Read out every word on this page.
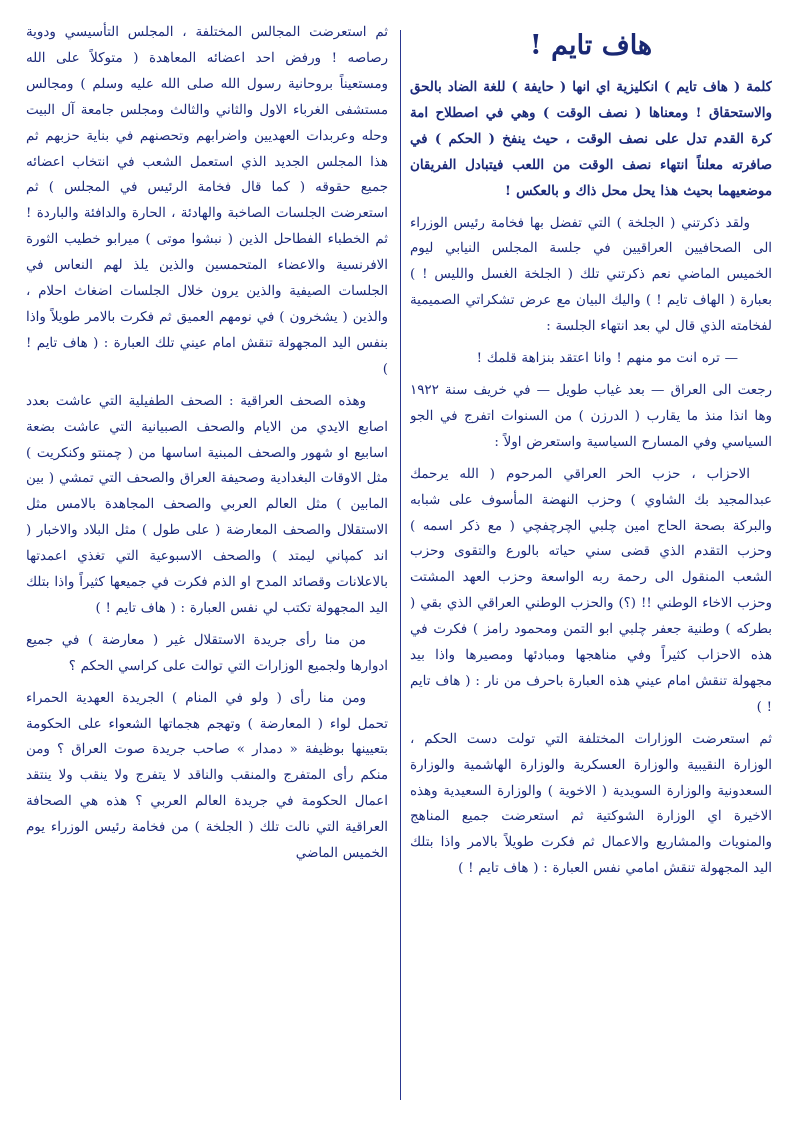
هاف تايم !

كلمة ( هاف تايم ) انكليزية اي انها ( حايفة ) للغة الضاد بالحق والاستحقاق ! ومعناها ( نصف الوقت ) وهي في اصطلاح امة كرة القدم تدل على نصف الوقت ، حيث ينفخ ( الحكم ) في صافرته معلناً انتهاء نصف الوقت من اللعب فيتبادل الفريقان موضعيهما بحيث هذا يحل محل ذاك و بالعكس !

ولقد ذكرتني ( الجلخة ) التي تفضل بها فخامة رئيس الوزراء الى الصحافيين العراقيين في جلسة المجلس النيابي ليوم الخميس الماضي نعم ذكرتني تلك ( الجلخة الغسل والليس ! ) بعبارة ( الهاف تايم ! ) واليك البيان مع عرض تشكراتي الصميمية لفخامته الذي قال لي بعد انتهاء الجلسة :

— تره انت مو منهم ! وانا اعتقد بنزاهة قلمك !

رجعت الى العراق — بعد غياب طويل — في خريف سنة ١٩٢٢ وها انذا منذ ما يقارب ( الدرزن ) من السنوات اتفرج في الجو السياسي وفي المسارح السياسية واستعرض اولاً :

الاحزاب ، حزب الحر العراقي المرحوم ( الله يرحمك عبدالمجيد بك الشاوي ) وحزب النهضة المأسوف على شبابه والبركة بصحة الحاج امين چلبي الچرچفچي ( مع ذكر اسمه ) وحزب التقدم الذي قضى سني حياته بالورع والتقوى وحزب الشعب المنقول الى رحمة ربه الواسعة وحزب العهد المشتت وحزب الاخاء الوطني !! (؟) والحزب الوطني العراقي الذي بقي ( بطركه ) وطنية جعفر چلبي ابو التمن ومحمود رامز ) فكرت في هذه الاحزاب كثيراً وفي مناهجها ومبادئها ومصيرها واذا بيد مجهولة تنقش امام عيني هذه العبارة باحرف من نار : ( هاف تايم ! )

ثم استعرضت الوزارات المختلفة التي تولت دست الحكم ، الوزارة النقيبية والوزارة العسكرية والوزارة الهاشمية والوزارة السعدونية والوزارة السويدية ( الاخوية ) والوزارة السعيدية وهذه الاخيرة اي الوزارة الشوكتية ثم استعرضت جميع المناهج والمنويات والمشاريع والاعمال ثم فكرت طويلاً بالامر واذا بتلك اليد المجهولة تنقش امامي نفس العبارة : ( هاف تايم ! )

ثم استعرضت المجالس المختلفة ، المجلس التأسيسي ودوية رصاصه ! ورفض احد اعضائه المعاهدة ( متوكلاً على الله ومستعيناً بروحانية رسول الله صلى الله عليه وسلم ) ومجالس مستشفى الغرباء الاول والثاني والثالث ومجلس جامعة آل البيت وحله وعربدات العهديين واضرابهم وتحصنهم في بناية حزبهم ثم هذا المجلس الجديد الذي استعمل الشعب في انتخاب اعضائه جميع حقوقه ( كما قال فخامة الرئيس في المجلس ) ثم استعرضت الجلسات الصاخبة والهادئة ، الحارة والدافئة والباردة ! ثم الخطباء الفطاحل الذين ( نبشوا موتى ) ميرابو خطيب الثورة الافرنسية والاعضاء المتحمسين والذين يلذ لهم النعاس في الجلسات الصيفية والذين يرون خلال الجلسات اضغاث احلام ، والذين ( يشخرون ) في نومهم العميق ثم فكرت بالامر طويلاً واذا بنفس اليد المجهولة تنقش امام عيني تلك العبارة : ( هاف تايم ! )

وهذه الصحف العراقية : الصحف الطفيلية التي عاشت بعدد اصابع الايدي من الايام والصحف الصبيانية التي عاشت بضعة اسابيع او شهور والصحف المبنية اساسها من ( چمنتو وكنكريت ) مثل الاوقات البغدادية وصحيفة العراق والصحف التي تمشي ( بين المابين ) مثل العالم العربي والصحف المجاهدة بالامس مثل الاستقلال والصحف المعارضة ( على طول ) مثل البلاد والاخبار ( اند كمپاني ليمتد ) والصحف الاسبوعية التي تغذي اعمدتها بالاعلانات وقصائد المدح او الذم فكرت في جميعها كثيراً واذا بتلك اليد المجهولة تكتب لي نفس العبارة : ( هاف تايم ! )

من منا رأى جريدة الاستقلال غير ( معارضة ) في جميع ادوارها ولجميع الوزارات التي توالت على كراسي الحكم ؟

ومن منا رأى ( ولو في المنام ) الجريدة العهدية الحمراء تحمل لواء ( المعارضة ) وتهجم هجماتها الشعواء على الحكومة بتعيينها بوظيفة « دمدار » صاحب جريدة صوت العراق ؟ ومن منكم رأى المتفرج والمنقب والناقد لا يتفرج ولا ينقب ولا ينتقد اعمال الحكومة في جريدة العالم العربي ؟ هذه هي الصحافة العراقية التي نالت تلك ( الجلخة ) من فخامة رئيس الوزراء يوم الخميس الماضي
